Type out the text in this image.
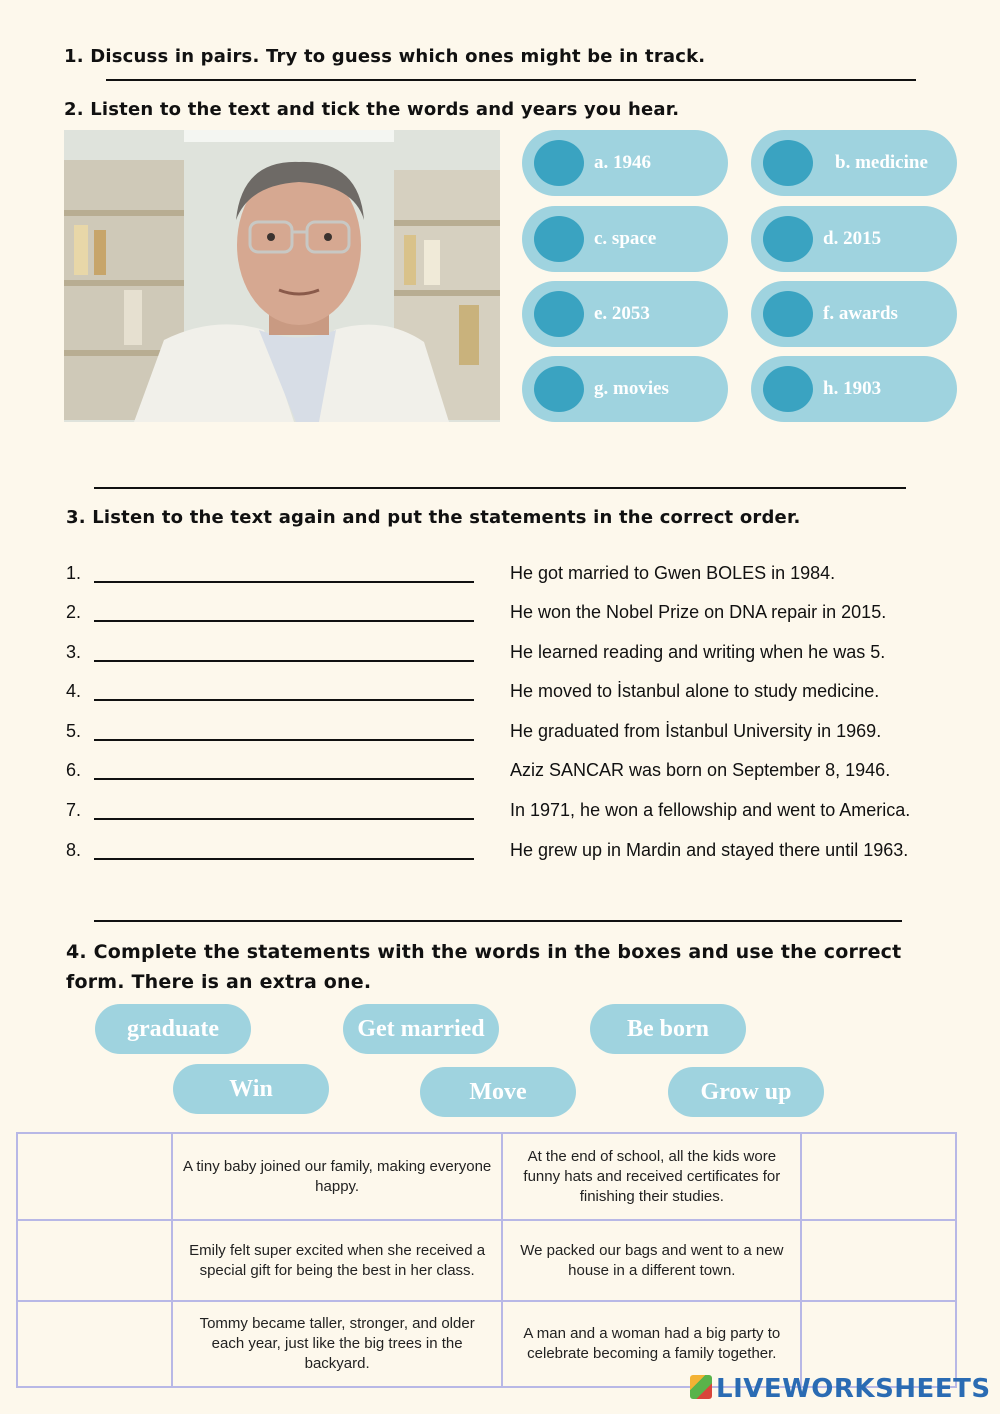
1. Discuss in pairs. Try to guess which ones might be in track.
2. Listen to the text and tick the words and years you hear.
a. 1946	b. medicine
c. space	d. 2015
e. 2053	f. awards
g. movies	h. 1903
3. Listen to the text again and put the statements in the correct order.
1.	He got married to Gwen BOLES in 1984.
2.	He won the Nobel Prize on DNA repair in 2015.
3.	He learned reading and writing when he was 5.
4.	He moved to İstanbul alone to study medicine.
5.	He graduated from İstanbul University in 1969.
6.	Aziz SANCAR was born on September 8, 1946.
7.	In 1971, he won a fellowship and went to America.
8.	He grew up in Mardin and stayed there until 1963.
4. Complete the statements with the words in the boxes and use the correct
form. There is an extra one.
graduate	Get married	Be born
Win	Move	Grow up
	A tiny baby joined our family, making everyone happy.	At the end of school, all the kids wore funny hats and received certificates for finishing their studies.	
	Emily felt super excited when she received a special gift for being the best in her class.	We packed our bags and went to a new house in a different town.	
	Tommy became taller, stronger, and older each year, just like the big trees in the backyard.	A man and a woman had a big party to celebrate becoming a family together.	
LIVEWORKSHEETS
